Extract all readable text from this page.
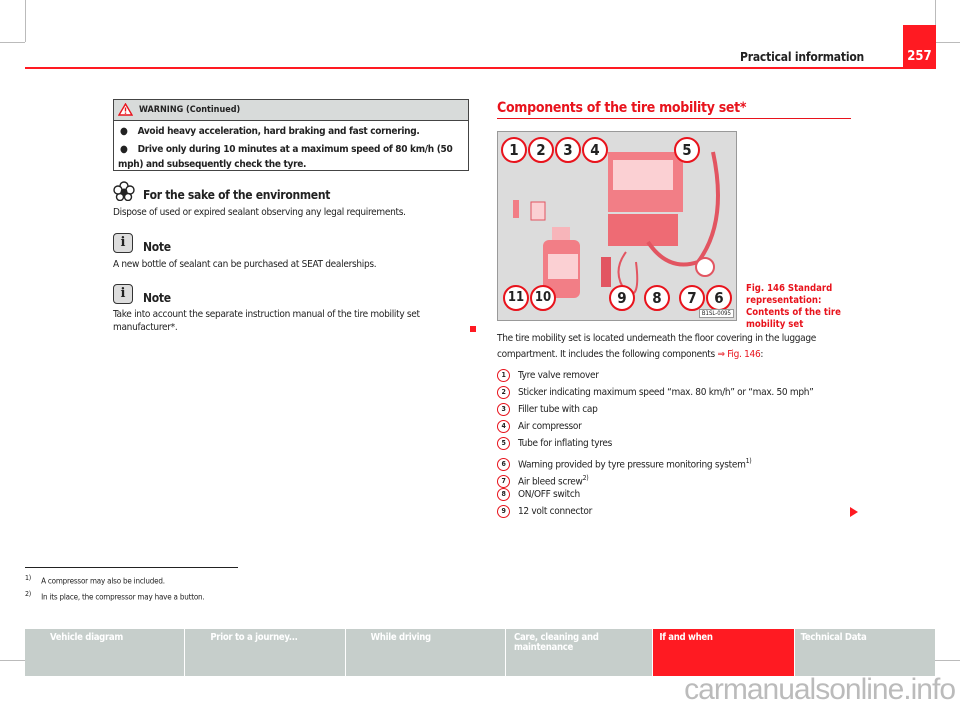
Practical information	257
WARNING (Continued)
● Avoid heavy acceleration, hard braking and fast cornering.
● Drive only during 10 minutes at a maximum speed of 80 km/h (50 mph) and subsequently check the tyre.
For the sake of the environment
Dispose of used or expired sealant observing any legal requirements.
i	Note
A new bottle of sealant can be purchased at SEAT dealerships.
i	Note
Take into account the separate instruction manual of the tire mobility set manufacturer*.
Components of the tire mobility set*
1	2	3	4	5
6
7
8
9
10
11
B1SL-0095
Fig. 146 Standard representation: Contents of the tire mobility set
The tire mobility set is located underneath the floor covering in the luggage compartment. It includes the following components ⇒ Fig. 146:
1 Tyre valve remover
2 Sticker indicating maximum speed “max. 80 km/h” or “max. 50 mph”
3 Filler tube with cap
4 Air compressor
5 Tube for inflating tyres
6 Warning provided by tyre pressure monitoring system$^{1)}$
7 Air bleed screw$^{2)}$
8 ON/OFF switch
9 12 volt connector
$^{1)}$ A compressor may also be included.
$^{2)}$ In its place, the compressor may have a button.
Vehicle diagram	Prior to a journey...	While driving	Care, cleaning and maintenance
If and when	Technical Data
carmanualsonline.info
